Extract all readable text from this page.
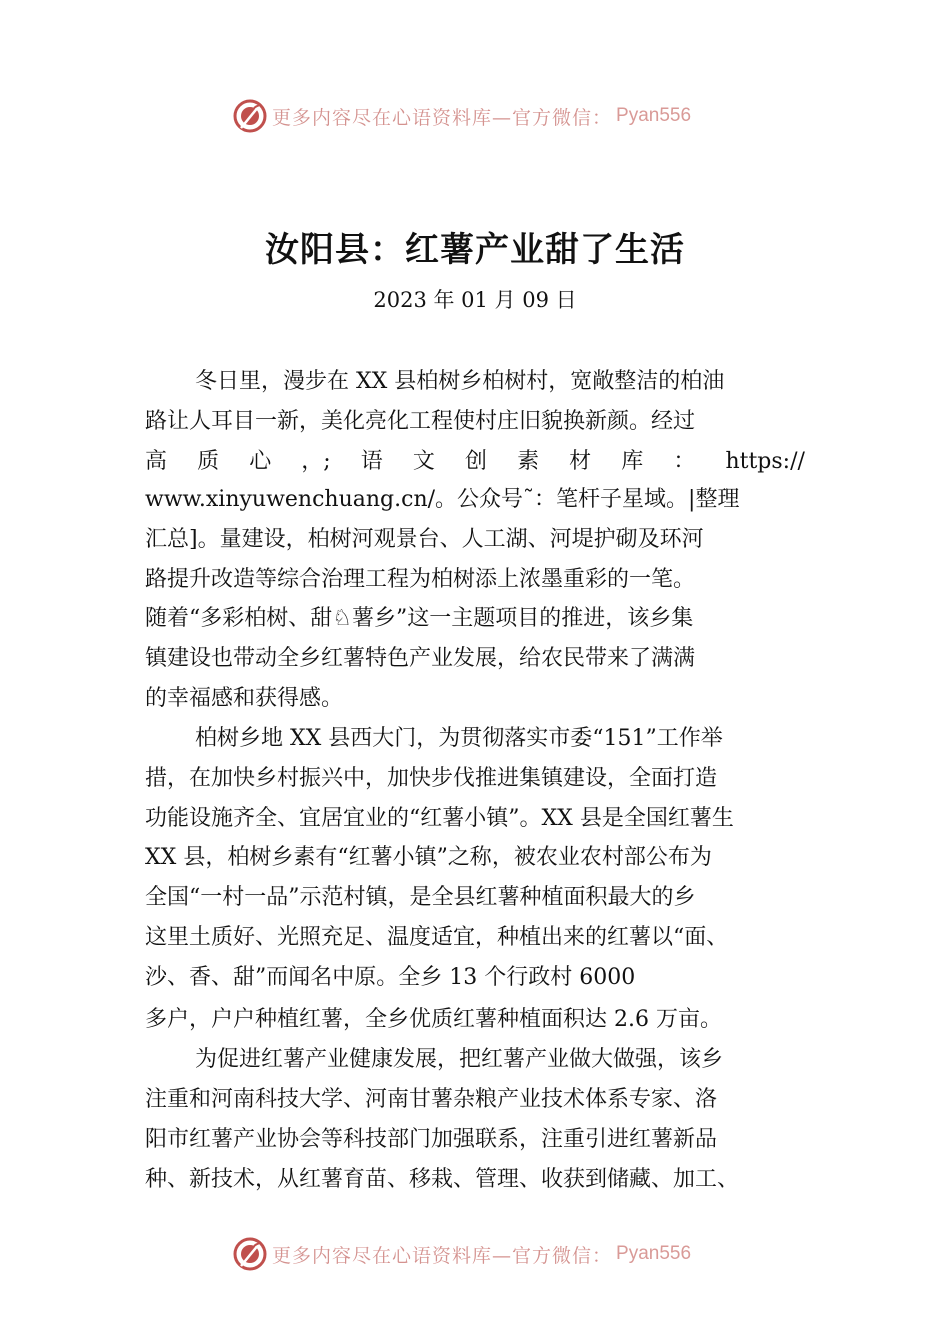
更多内容尽在心语资料库—官方微信： Pyan556
汝阳县：红薯产业甜了生活
2023 年 01 月 09 日
冬日里，漫步在 XX 县柏树乡柏树村，宽敞整洁的柏油
路让人耳目一新，美化亮化工程使村庄旧貌换新颜。经过
高 质 心 ，; 语 文 创 素 材 库 ： https://
www.xinyuwenchuang.cn/。公众号˜：笔杆子星域。|整理
汇总]。量建设，柏树河观景台、人工湖、河堤护砌及环河
路提升改造等综合治理工程为柏树添上浓墨重彩的一笔。
随着“多彩柏树、甜♘薯乡”这一主题项目的推进，该乡集
镇建设也带动全乡红薯特色产业发展，给农民带来了满满
的幸福感和获得感。
柏树乡地 XX 县西大门，为贯彻落实市委“151”工作举
措，在加快乡村振兴中，加快步伐推进集镇建设，全面打造
功能设施齐全、宜居宜业的“红薯小镇”。XX 县是全国红薯生
XX 县，柏树乡素有“红薯小镇”之称，被农业农村部公布为
全国“一村一品”示范村镇，是全县红薯种植面积最大的乡
这里土质好、光照充足、温度适宜，种植出来的红薯以“面、
沙、香、甜”而闻名中原。全乡 13 个行政村 6000
多户，户户种植红薯，全乡优质红薯种植面积达 2.6 万亩。
为促进红薯产业健康发展，把红薯产业做大做强，该乡
注重和河南科技大学、河南甘薯杂粮产业技术体系专家、洛
阳市红薯产业协会等科技部门加强联系，注重引进红薯新品
种、新技术，从红薯育苗、移栽、管理、收获到储藏、加工、
更多内容尽在心语资料库—官方微信： Pyan556
